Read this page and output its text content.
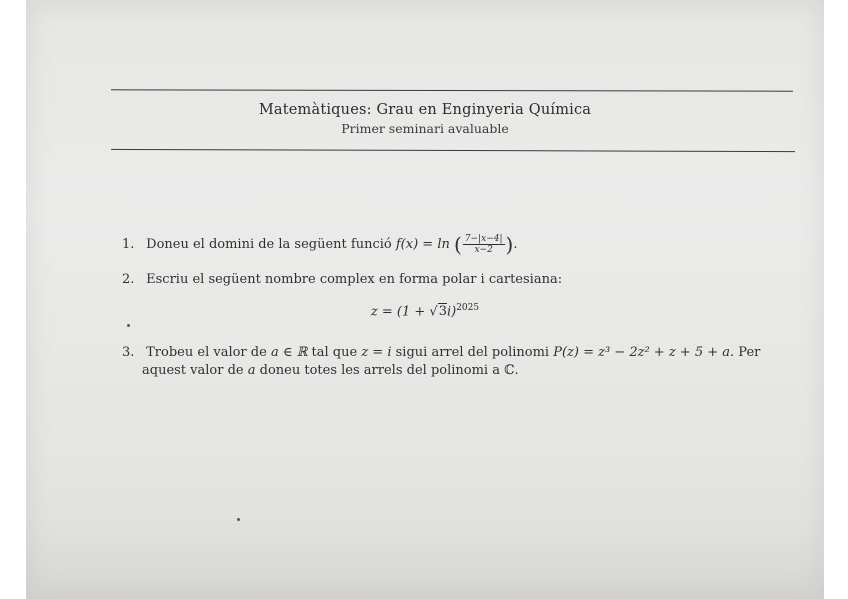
Matemàtiques: Grau en Enginyeria Química
Primer seminari avaluable
1. Doneu el domini de la següent funció f(x) = ln ( $\frac{7-|x-4|}{x-2}$ ).
2. Escriu el següent nombre complex en forma polar i cartesiana:
$z = (1 + √3i)^{2025}$
3. Trobeu el valor de a ∈ ℝ tal que z = i sigui arrel del polinomi P(z) = z³ − 2z² + z + 5 + a. Per
aquest valor de a doneu totes les arrels del polinomi a ℂ.
